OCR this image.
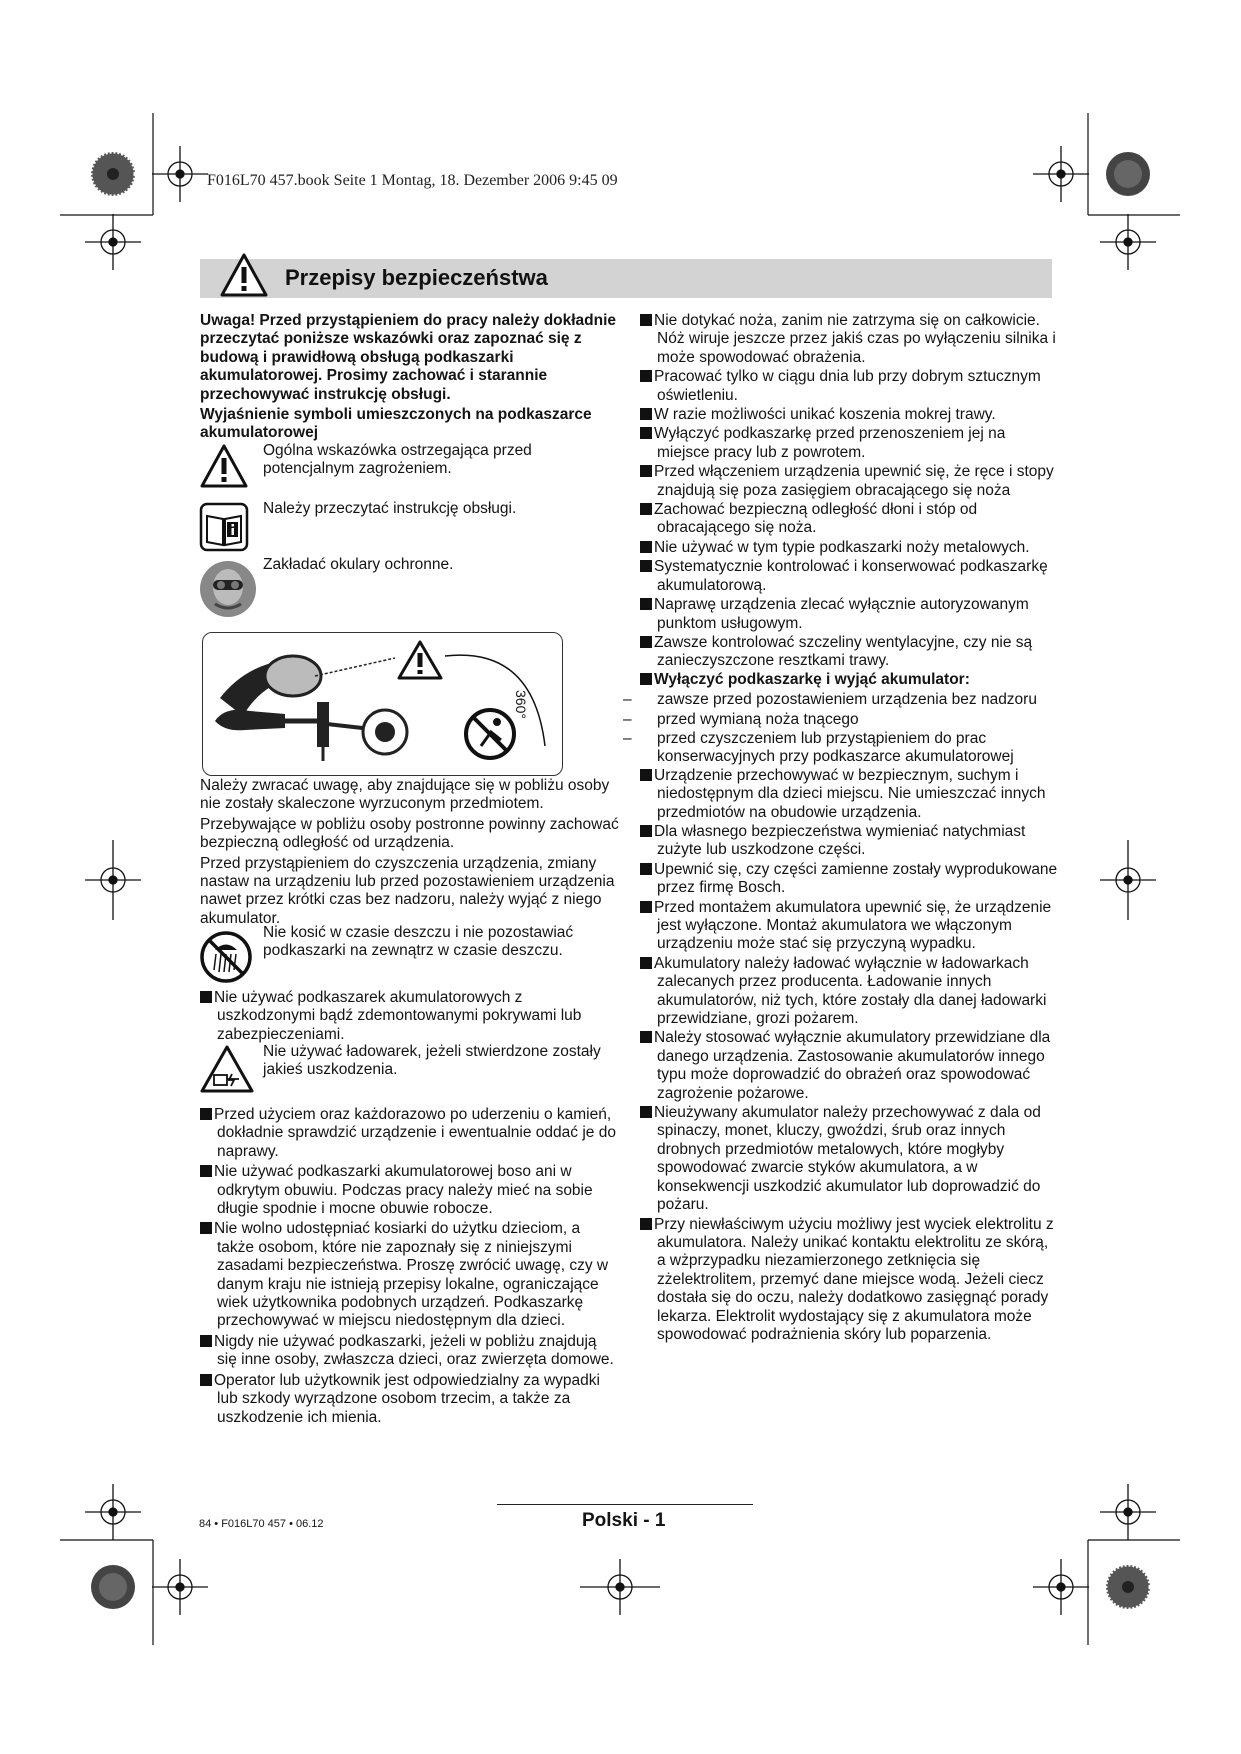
F016L70 457.book Seite 1 Montag, 18. Dezember 2006 9:45 09
Przepisy bezpieczeństwa

Uwaga! Przed przystąpieniem do pracy należy dokładnie przeczytać poniższe wskazówki oraz zapoznać się z budową i prawidłową obsługą podkaszarki akumulatorowej. Prosimy zachować i starannie przechowywać instrukcję obsługi.

Wyjaśnienie symboli umieszczonych na podkaszarce akumulatorowej

Ogólna wskazówka ostrzegająca przed potencjalnym zagrożeniem.
Należy przeczytać instrukcję obsługi.
Zakładać okulary ochronne.
360°

Należy zwracać uwagę, aby znajdujące się w pobliżu osoby nie zostały skaleczone wyrzuconym przedmiotem.

Przebywające w pobliżu osoby postronne powinny zachować bezpieczną odległość od urządzenia.

Przed przystąpieniem do czyszczenia urządzenia, zmiany nastaw na urządzeniu lub przed pozostawieniem urządzenia nawet przez krótki czas bez nadzoru, należy wyjąć z niego akumulator.

Nie kosić w czasie deszczu i nie pozostawiać podkaszarki na zewnątrz w czasie deszczu.

Nie używać podkaszarek akumulatorowych z uszkodzonymi bądź zdemontowanymi pokrywami lub zabezpieczeniami.

Nie używać ładowarek, jeżeli stwierdzone zostały jakieś uszkodzenia.

Przed użyciem oraz każdorazowo po uderzeniu o kamień, dokładnie sprawdzić urządzenie i ewentualnie oddać je do naprawy.

Nie używać podkaszarki akumulatorowej boso ani w odkrytym obuwiu. Podczas pracy należy mieć na sobie długie spodnie i mocne obuwie robocze.

Nie wolno udostępniać kosiarki do użytku dzieciom, a także osobom, które nie zapoznały się z niniejszymi zasadami bezpieczeństwa. Proszę zwrócić uwagę, czy w danym kraju nie istnieją przepisy lokalne, ograniczające wiek użytkownika podobnych urządzeń. Podkaszarkę przechowywać w miejscu niedostępnym dla dzieci.

Nigdy nie używać podkaszarki, jeżeli w pobliżu znajdują się inne osoby, zwłaszcza dzieci, oraz zwierzęta domowe.

Operator lub użytkownik jest odpowiedzialny za wypadki lub szkody wyrządzone osobom trzecim, a także za uszkodzenie ich mienia.

Nie dotykać noża, zanim nie zatrzyma się on całkowicie. Nóż wiruje jeszcze przez jakiś czas po wyłączeniu silnika i może spowodować obrażenia.

Pracować tylko w ciągu dnia lub przy dobrym sztucznym oświetleniu.

W razie możliwości unikać koszenia mokrej trawy.

Wyłączyć podkaszarkę przed przenoszeniem jej na miejsce pracy lub z powrotem.

Przed włączeniem urządzenia upewnić się, że ręce i stopy znajdują się poza zasięgiem obracającego się noża

Zachować bezpieczną odległość dłoni i stóp od obracającego się noża.

Nie używać w tym typie podkaszarki noży metalowych.

Systematycznie kontrolować i konserwować podkaszarkę akumulatorową.

Naprawę urządzenia zlecać wyłącznie autoryzowanym punktom usługowym.

Zawsze kontrolować szczeliny wentylacyjne, czy nie są zanieczyszczone resztkami trawy.

Wyłączyć podkaszarkę i wyjąć akumulator:

– zawsze przed pozostawieniem urządzenia bez nadzoru

– przed wymianą noża tnącego

– przed czyszczeniem lub przystąpieniem do prac konserwacyjnych przy podkaszarce akumulatorowej

Urządzenie przechowywać w bezpiecznym, suchym i niedostępnym dla dzieci miejscu. Nie umieszczać innych przedmiotów na obudowie urządzenia.

Dla własnego bezpieczeństwa wymieniać natychmiast zużyte lub uszkodzone części.

Upewnić się, czy części zamienne zostały wyprodukowane przez firmę Bosch.

Przed montażem akumulatora upewnić się, że urządzenie jest wyłączone. Montaż akumulatora we włączonym urządzeniu może stać się przyczyną wypadku.

Akumulatory należy ładować wyłącznie w ładowarkach zalecanych przez producenta. Ładowanie innych akumulatorów, niż tych, które zostały dla danej ładowarki przewidziane, grozi pożarem.

Należy stosować wyłącznie akumulatory przewidziane dla danego urządzenia. Zastosowanie akumulatorów innego typu może doprowadzić do obrażeń oraz spowodować zagrożenie pożarowe.

Nieużywany akumulator należy przechowywać z dala od spinaczy, monet, kluczy, gwoździ, śrub oraz innych drobnych przedmiotów metalowych, które mogłyby spowodować zwarcie styków akumulatora, a w konsekwencji uszkodzić akumulator lub doprowadzić do pożaru.

Przy niewłaściwym użyciu możliwy jest wyciek elektrolitu z akumulatora. Należy unikać kontaktu elektrolitu ze skórą, a wżprzypadku niezamierzonego zetknięcia się zżelektrolitem, przemyć dane miejsce wodą. Jeżeli ciecz dostała się do oczu, należy dodatkowo zasięgnąć porady lekarza. Elektrolit wydostający się z akumulatora może spowodować podrażnienia skóry lub poparzenia.

84 • F016L70 457 • 06.12	Polski - 1
